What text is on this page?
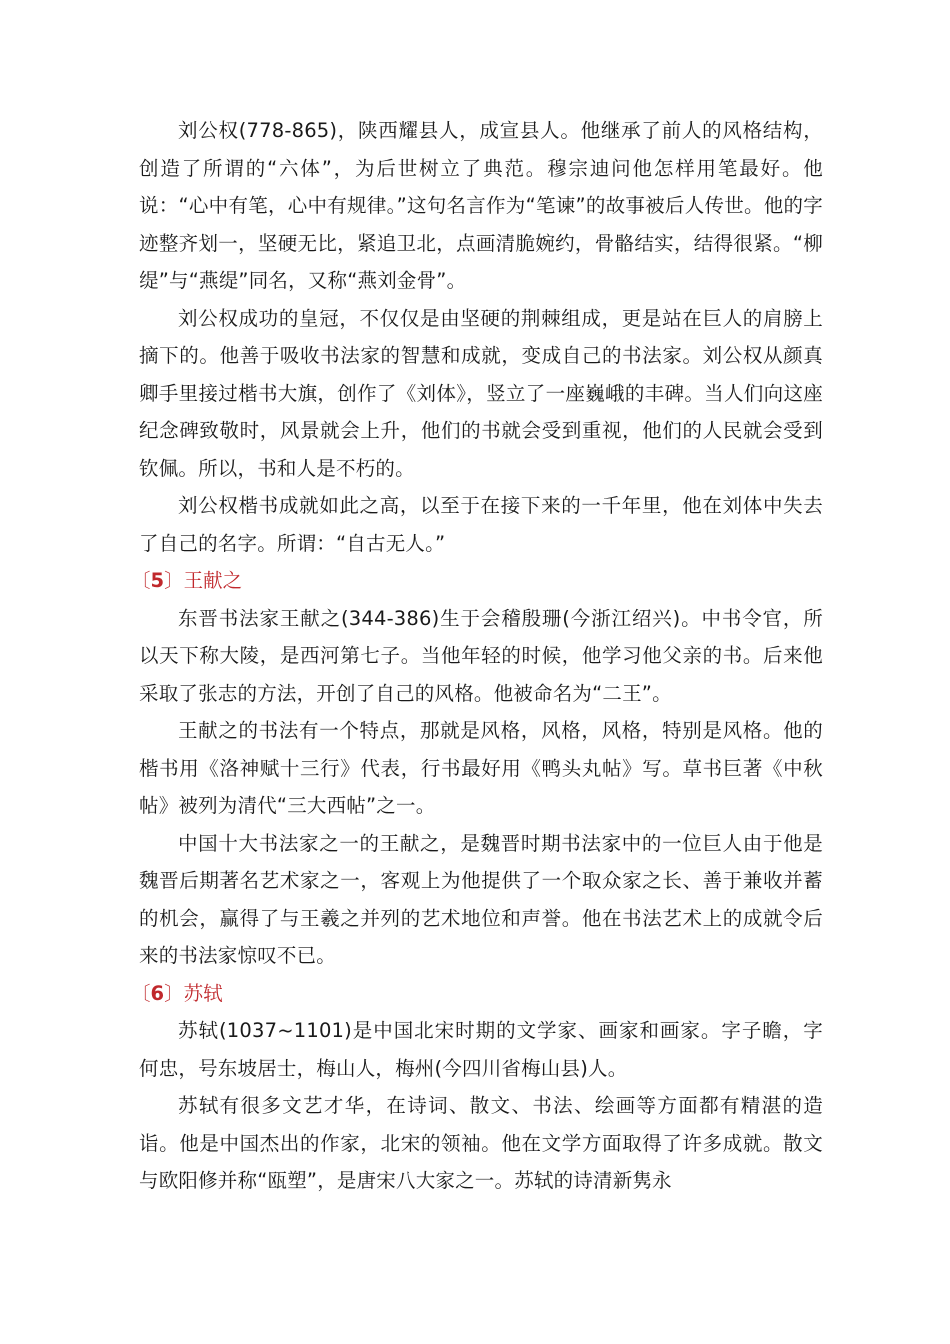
刘公权(778-865)，陕西耀县人，成宣县人。他继承了前人的风格结构，创造了所谓的“六体”，为后世树立了典范。穆宗迪问他怎样用笔最好。他说：“心中有笔，心中有规律。”这句名言作为“笔谏”的故事被后人传世。他的字迹整齐划一，坚硬无比，紧追卫北，点画清脆婉约，骨骼结实，结得很紧。“柳缇”与“燕缇”同名，又称“燕刘金骨”。

刘公权成功的皇冠，不仅仅是由坚硬的荆棘组成，更是站在巨人的肩膀上摘下的。他善于吸收书法家的智慧和成就，变成自己的书法家。刘公权从颜真卿手里接过楷书大旗，创作了《刘体》，竖立了一座巍峨的丰碑。当人们向这座纪念碑致敬时，风景就会上升，他们的书就会受到重视，他们的人民就会受到钦佩。所以，书和人是不朽的。

刘公权楷书成就如此之高，以至于在接下来的一千年里，他在刘体中失去了自己的名字。所谓：“自古无人。”

〔5〕王献之

东晋书法家王献之(344-386)生于会稽殷珊(今浙江绍兴)。中书令官，所以天下称大陵，是西河第七子。当他年轻的时候，他学习他父亲的书。后来他采取了张志的方法，开创了自己的风格。他被命名为“二王”。

王献之的书法有一个特点，那就是风格，风格，风格，特别是风格。他的楷书用《洛神赋十三行》代表，行书最好用《鸭头丸帖》写。草书巨著《中秋帖》被列为清代“三大西帖”之一。

中国十大书法家之一的王献之，是魏晋时期书法家中的一位巨人由于他是魏晋后期著名艺术家之一，客观上为他提供了一个取众家之长、善于兼收并蓄的机会，赢得了与王羲之并列的艺术地位和声誉。他在书法艺术上的成就令后来的书法家惊叹不已。

〔6〕苏轼

苏轼(1037~1101)是中国北宋时期的文学家、画家和画家。字子瞻，字何忠，号东坡居士，梅山人，梅州(今四川省梅山县)人。

苏轼有很多文艺才华，在诗词、散文、书法、绘画等方面都有精湛的造诣。他是中国杰出的作家，北宋的领袖。他在文学方面取得了许多成就。散文与欧阳修并称“瓯塑”，是唐宋八大家之一。苏轼的诗清新隽永
